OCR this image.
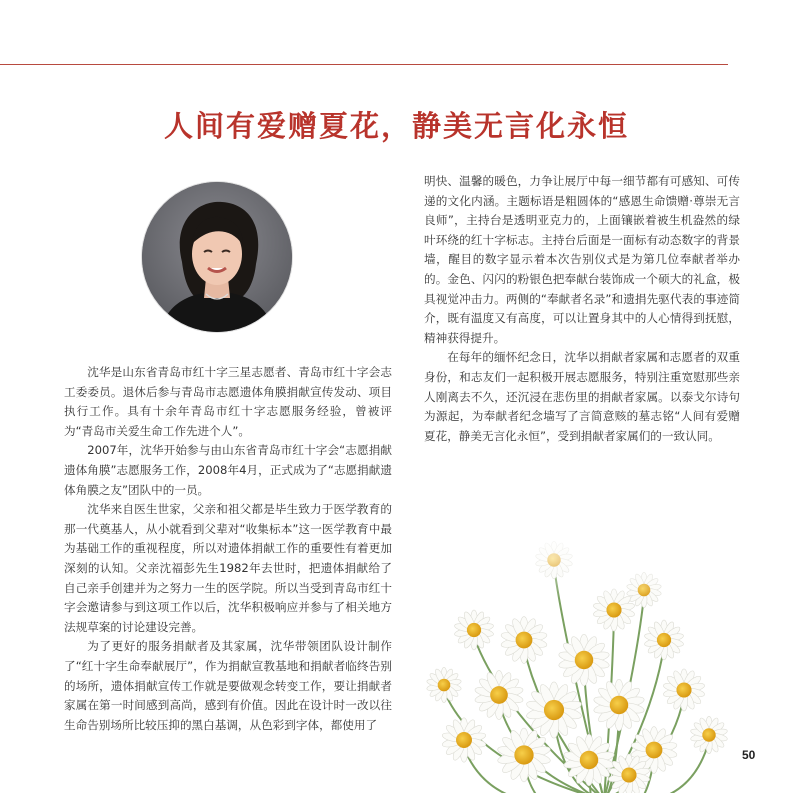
人间有爱赠夏花，静美无言化永恒

沈华是山东省青岛市红十字三星志愿者、青岛市红十字会志工委委员。退休后参与青岛市志愿遗体角膜捐献宣传发动、项目执行工作。具有十余年青岛市红十字志愿服务经验，曾被评为“青岛市关爱生命工作先进个人”。

2007年，沈华开始参与由山东省青岛市红十字会“志愿捐献遗体角膜”志愿服务工作，2008年4月，正式成为了“志愿捐献遗体角膜之友”团队中的一员。

沈华来自医生世家，父亲和祖父都是毕生致力于医学教育的那一代奠基人，从小就看到父辈对“收集标本”这一医学教育中最为基础工作的重视程度，所以对遗体捐献工作的重要性有着更加深刻的认知。父亲沈福彭先生1982年去世时，把遗体捐献给了自己亲手创建并为之努力一生的医学院。所以当受到青岛市红十字会邀请参与到这项工作以后，沈华积极响应并参与了相关地方法规草案的讨论建设完善。

为了更好的服务捐献者及其家属，沈华带领团队设计制作了“红十字生命奉献展厅”，作为捐献宣教基地和捐献者临终告别的场所，遗体捐献宣传工作就是要做观念转变工作，要让捐献者家属在第一时间感到高尚，感到有价值。因此在设计时一改以往生命告别场所比较压抑的黑白基调，从色彩到字体，都使用了

明快、温馨的暖色，力争让展厅中每一细节都有可感知、可传递的文化内涵。主题标语是粗圆体的“感恩生命馈赠·尊崇无言良师”，主持台是透明亚克力的，上面镶嵌着被生机盎然的绿叶环绕的红十字标志。主持台后面是一面标有动态数字的背景墙，醒目的数字显示着本次告别仪式是为第几位奉献者举办的。金色、闪闪的粉银色把奉献台装饰成一个硕大的礼盒，极具视觉冲击力。两侧的“奉献者名录”和遗捐先驱代表的事迹简介，既有温度又有高度，可以让置身其中的人心情得到抚慰，精神获得提升。

在每年的缅怀纪念日，沈华以捐献者家属和志愿者的双重身份，和志友们一起积极开展志愿服务，特别注重宽慰那些亲人刚离去不久，还沉浸在悲伤里的捐献者家属。以泰戈尔诗句为源起，为奉献者纪念墙写了言简意赅的墓志铭“人间有爱赠夏花，静美无言化永恒”，受到捐献者家属们的一致认同。

50
